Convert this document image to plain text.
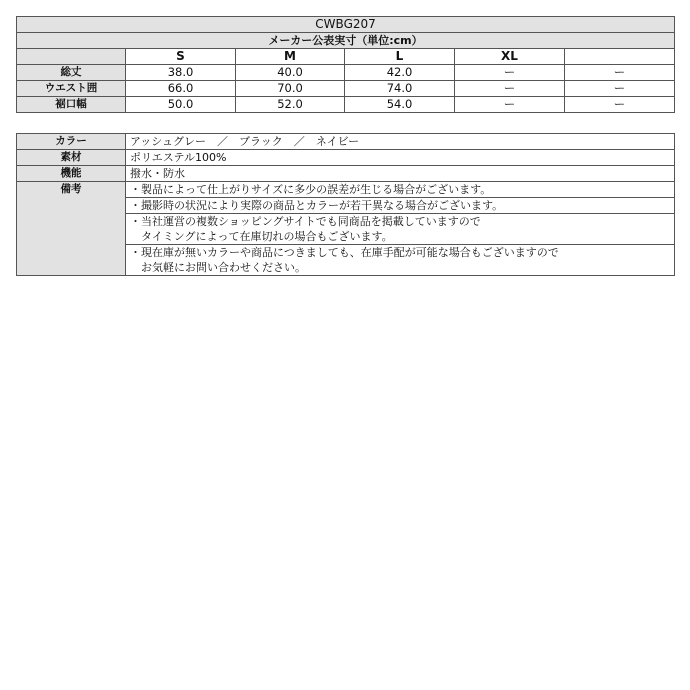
CWBG207					
メーカー公表実寸（単位:cm）					
	S	M	L	XL	
総丈	38.0	40.0	42.0	ー	ー
ウエスト囲	66.0	70.0	74.0	ー	ー
裾口幅	50.0	52.0	54.0	ー	ー
カラー	アッシュグレー　／　ブラック　／　ネイビー
素材	ポリエステル100%
機能	撥水・防水
備考	・製品によって仕上がりサイズに多少の誤差が生じる場合がございます。

	・撮影時の状況により実際の商品とカラーが若干異なる場合がございます。

	・当社運営の複数ショッピングサイトでも同商品を掲載していますので
　タイミングによって在庫切れの場合もございます。

	・現在庫が無いカラーや商品につきましても、在庫手配が可能な場合もございますので
　お気軽にお問い合わせください。
